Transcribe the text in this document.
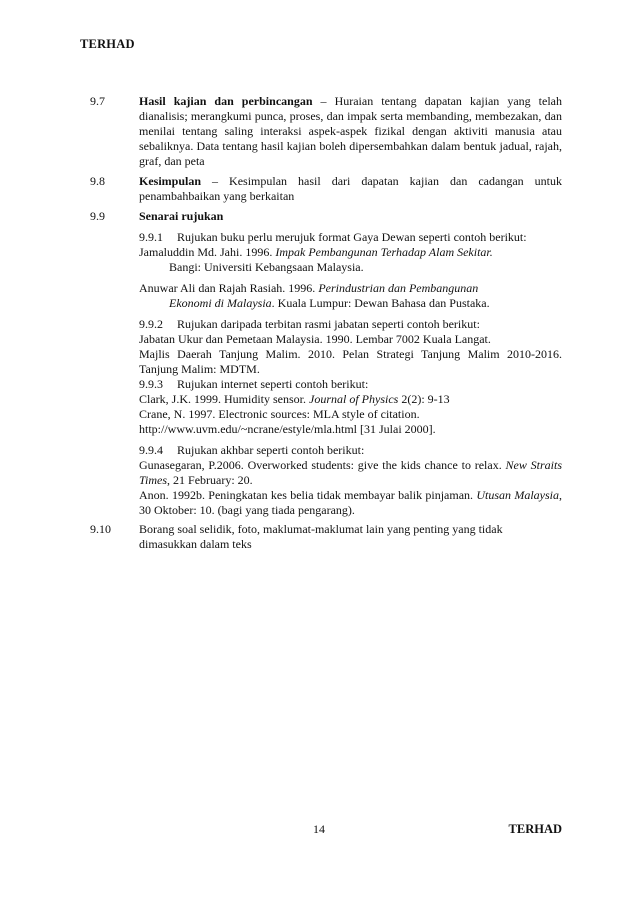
TERHAD
9.7	Hasil kajian dan perbincangan – Huraian tentang dapatan kajian yang telah dianalisis; merangkumi punca, proses, dan impak serta membanding, membezakan, dan menilai tentang saling interaksi aspek-aspek fizikal dengan aktiviti manusia atau sebaliknya. Data tentang hasil kajian boleh dipersembahkan dalam bentuk jadual, rajah, graf, dan peta

9.8	Kesimpulan – Kesimpulan hasil dari dapatan kajian dan cadangan untuk penambahbaikan yang berkaitan

9.9	Senarai rujukan

9.9.1 Rujukan buku perlu merujuk format Gaya Dewan seperti contoh berikut:

Jamaluddin Md. Jahi. 1996. Impak Pembangunan Terhadap Alam Sekitar.
Bangi: Universiti Kebangsaan Malaysia.
Anuwar Ali dan Rajah Rasiah. 1996. Perindustrian dan Pembangunan
Ekonomi di Malaysia. Kuala Lumpur: Dewan Bahasa dan Pustaka.

9.9.2 Rujukan daripada terbitan rasmi jabatan seperti contoh berikut:

Jabatan Ukur dan Pemetaan Malaysia. 1990. Lembar 7002 Kuala Langat.

Majlis Daerah Tanjung Malim. 2010. Pelan Strategi Tanjung Malim 2010-2016. Tanjung Malim: MDTM.

9.9.3 Rujukan internet seperti contoh berikut:

Clark, J.K. 1999. Humidity sensor. Journal of Physics 2(2): 9-13

Crane, N. 1997. Electronic sources: MLA style of citation.
http://www.uvm.edu/~ncrane/estyle/mla.html [31 Julai 2000].

9.9.4 Rujukan akhbar seperti contoh berikut:

Gunasegaran, P.2006. Overworked students: give the kids chance to relax. New Straits Times, 21 February: 20.

Anon. 1992b. Peningkatan kes belia tidak membayar balik pinjaman. Utusan Malaysia, 30 Oktober: 10. (bagi yang tiada pengarang).

9.10 Borang soal selidik, foto, maklumat-maklumat lain yang penting yang tidak dimasukkan dalam teks

14	TERHAD
